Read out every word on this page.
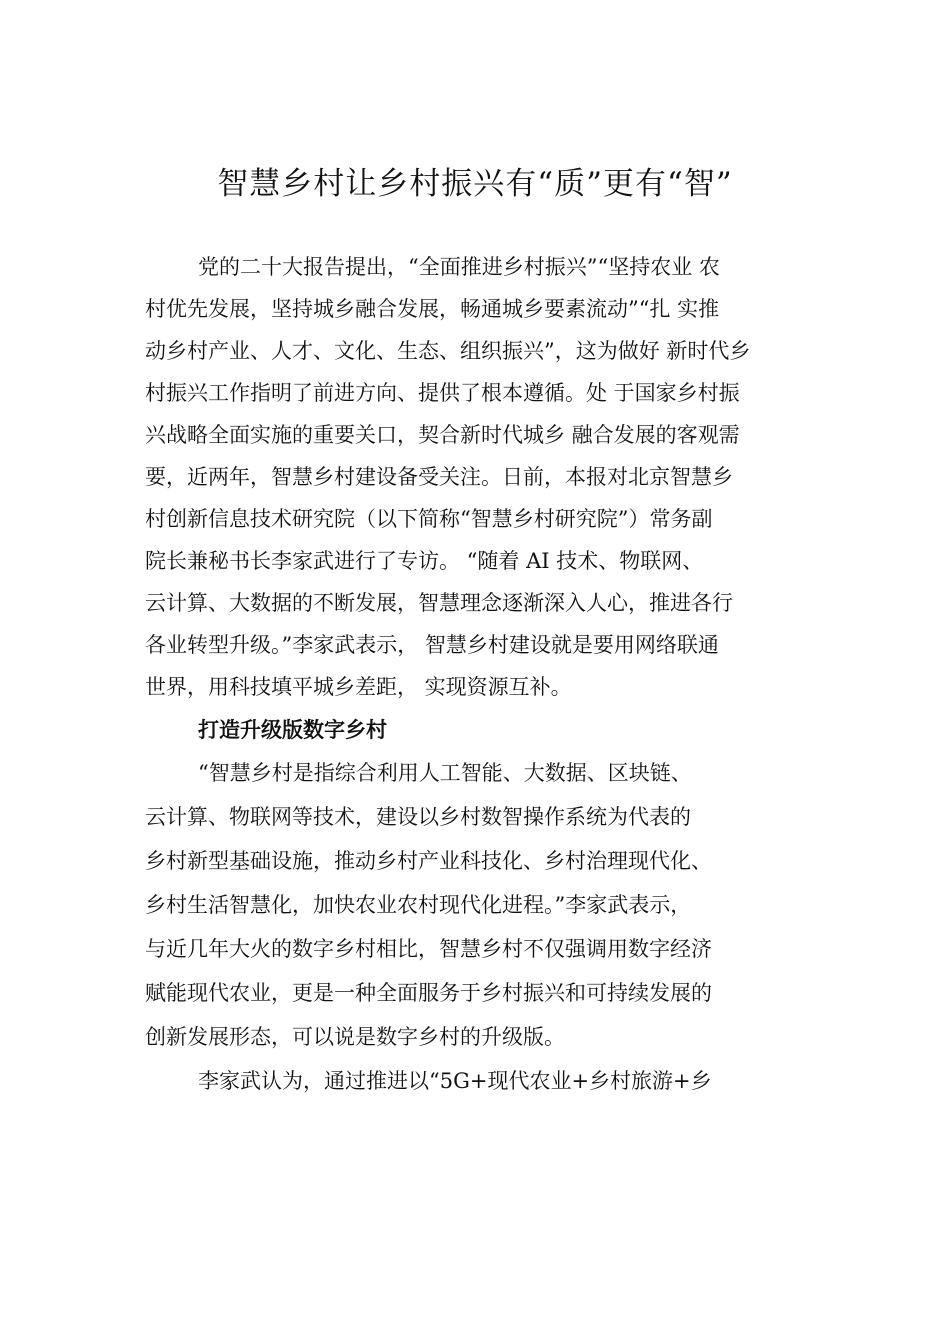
智慧乡村让乡村振兴有“质”更有“智”
党的二十大报告提出，“全面推进乡村振兴”“坚持农业 农
村优先发展，坚持城乡融合发展，畅通城乡要素流动”“扎 实推
动乡村产业、人才、文化、生态、组织振兴”，这为做好 新时代乡
村振兴工作指明了前进方向、提供了根本遵循。处 于国家乡村振
兴战略全面实施的重要关口，契合新时代城乡 融合发展的客观需
要，近两年，智慧乡村建设备受关注。日前，本报对北京智慧乡
村创新信息技术研究院（以下简称“智慧乡村研究院”）常务副
院长兼秘书长李家武进行了专访。 “随着 AI 技术、物联网、
云计算、大数据的不断发展，智慧理念逐渐深入人心，推进各行
各业转型升级。”李家武表示， 智慧乡村建设就是要用网络联通
世界，用科技填平城乡差距， 实现资源互补。
打造升级版数字乡村
“智慧乡村是指综合利用人工智能、大数据、区块链、
云计算、物联网等技术，建设以乡村数智操作系统为代表的
乡村新型基础设施，推动乡村产业科技化、乡村治理现代化、
乡村生活智慧化，加快农业农村现代化进程。”李家武表示，
与近几年大火的数字乡村相比，智慧乡村不仅强调用数字经济
赋能现代农业，更是一种全面服务于乡村振兴和可持续发展的
创新发展形态，可以说是数字乡村的升级版。
李家武认为，通过推进以“5G+现代农业+乡村旅游+乡
